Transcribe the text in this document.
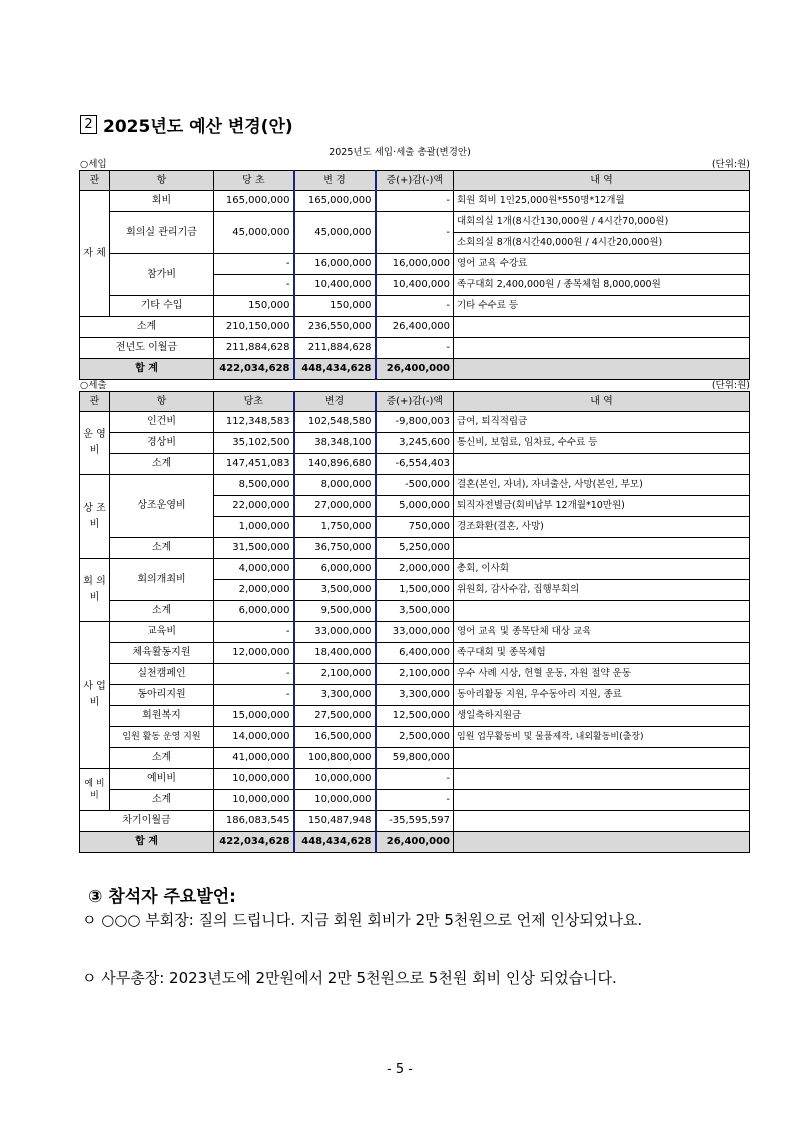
2 2025년도 예산 변경(안)
2025년도 세입·세출 총괄(변경안)
○세입	(단위:원)
관	항	당 초	변 경	증(+)감(-)액	내 역
자 체	회비	165,000,000	165,000,000	-	회원 회비 1인25,000원*550명*12개월
	회의실 관리기금	45,000,000	45,000,000	-	대회의실 1개(8시간130,000원 / 4시간70,000원)
					소회의실 8개(8시간40,000원 / 4시간20,000원)
	참가비	-	16,000,000	16,000,000	영어 교육 수강료
		-	10,400,000	10,400,000	족구대회 2,400,000원 / 종목체험 8,000,000원
	기타 수입	150,000	150,000	-	기타 수수료 등
소계		210,150,000	236,550,000	26,400,000	
전년도 이월금		211,884,628	211,884,628	-	
합 계		422,034,628	448,434,628	26,400,000	
○세출	(단위:원)
관	항	당초	변경	증(+)감(-)액	내 역
운 영 비	인건비	112,348,583	102,548,580	-9,800,003	급여, 퇴직적립금
	경상비	35,102,500	38,348,100	3,245,600	통신비, 보험료, 임차료, 수수료 등
	소계	147,451,083	140,896,680	-6,554,403	
상 조 비	상조운영비	8,500,000	8,000,000	-500,000	결혼(본인, 자녀), 자녀출산, 사망(본인, 부모)
		22,000,000	27,000,000	5,000,000	퇴직자전별금(회비납부 12개월*10만원)
		1,000,000	1,750,000	750,000	경조화환(결혼, 사망)
	소계	31,500,000	36,750,000	5,250,000	
회 의 비	회의개최비	4,000,000	6,000,000	2,000,000	총회, 이사회
		2,000,000	3,500,000	1,500,000	위원회, 감사수감, 집행부회의
	소계	6,000,000	9,500,000	3,500,000	
사 업 비	교육비	-	33,000,000	33,000,000	영어 교육 및 종목단체 대상 교육
	체육활동지원	12,000,000	18,400,000	6,400,000	족구대회 및 종목체험
	실천캠페인	-	2,100,000	2,100,000	우수 사례 시상, 헌혈 운동, 자원 절약 운동
	동아리지원	-	3,300,000	3,300,000	동아리활동 지원, 우수동아리 지원, 종료
	회원복지	15,000,000	27,500,000	12,500,000	생일축하지원금
	임원 활동 운영 지원	14,000,000	16,500,000	2,500,000	임원 업무활동비 및 물품제작, 내외활동비(출장)
	소계	41,000,000	100,800,000	59,800,000	
예 비 비	예비비	10,000,000	10,000,000	-	
	소계	10,000,000	10,000,000	-	
차기이월금		186,083,545	150,487,948	-35,595,597	
합 계		422,034,628	448,434,628	26,400,000	
③ 참석자 주요발언:
ㅇ ○○○ 부회장: 질의 드립니다. 지금 회원 회비가 2만 5천원으로 언제 인상되었나요.
ㅇ 사무총장: 2023년도에 2만원에서 2만 5천원으로 5천원 회비 인상 되었습니다.
- 5 -
